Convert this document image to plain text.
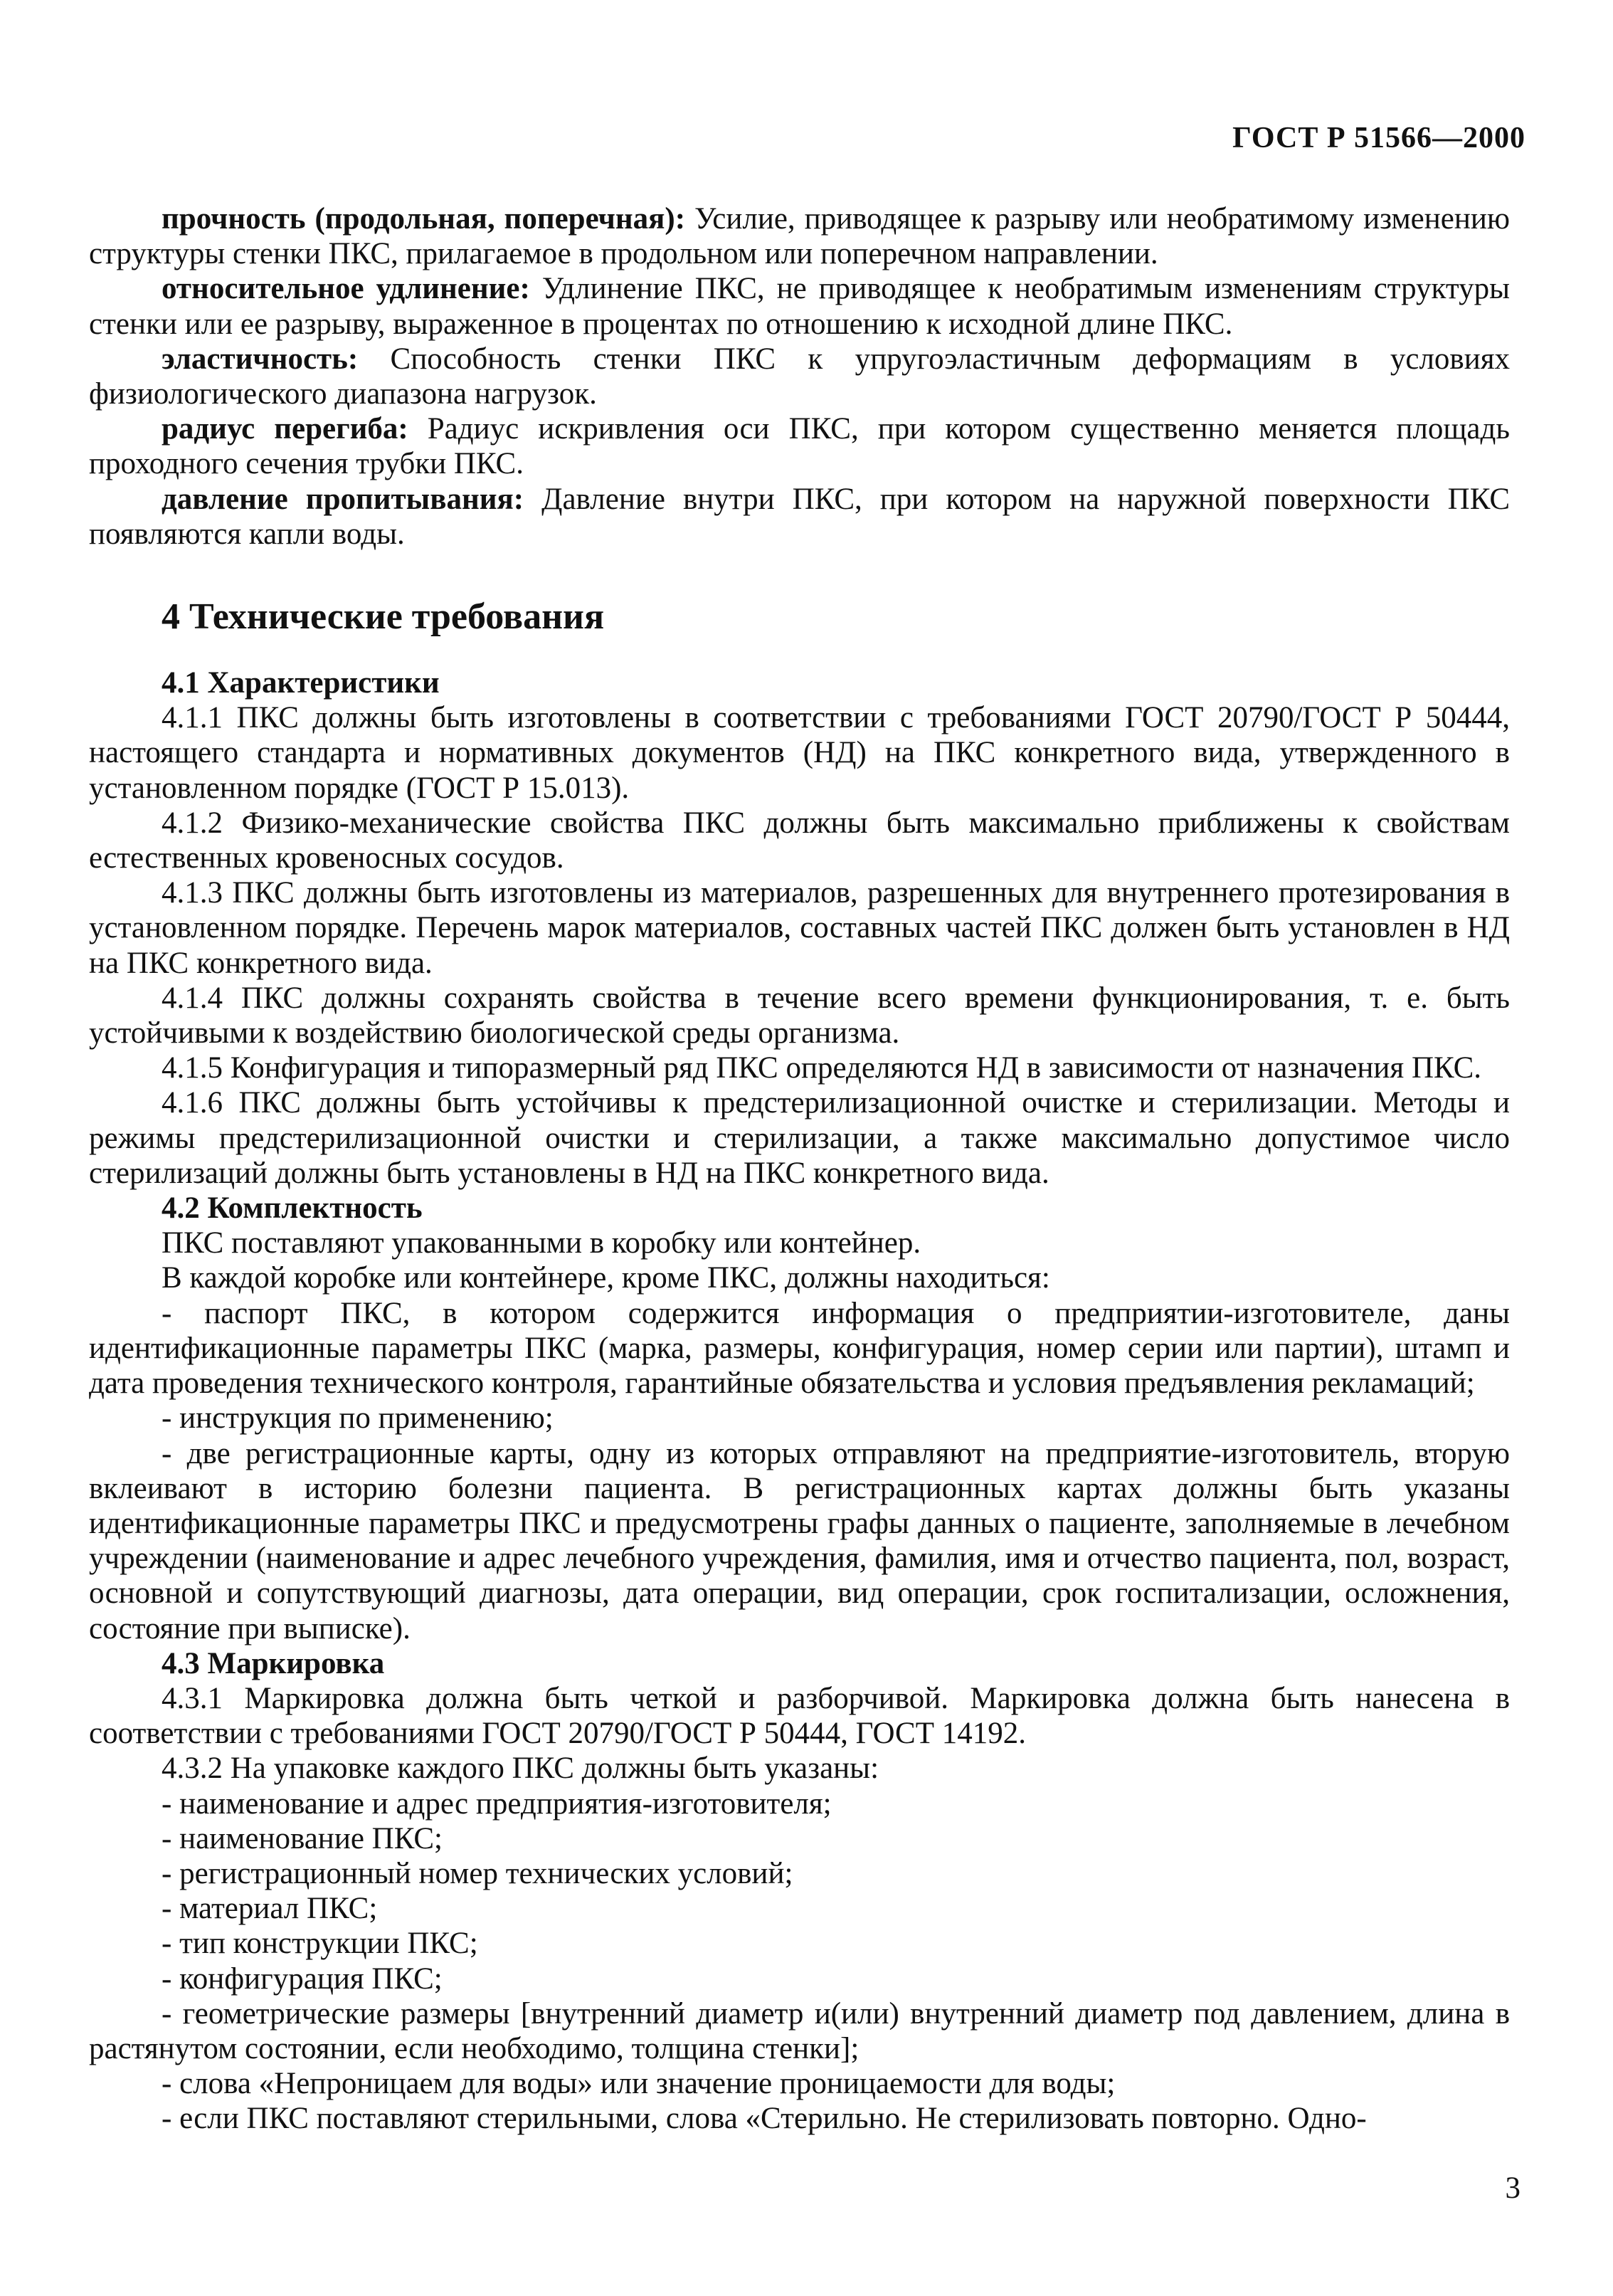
ГОСТ Р 51566—2000

прочность (продольная, поперечная): Усилие, приводящее к разрыву или необратимому изменению структуры стенки ПКС, прилагаемое в продольном или поперечном направлении.

относительное удлинение: Удлинение ПКС, не приводящее к необратимым изменениям структуры стенки или ее разрыву, выраженное в процентах по отношению к исходной длине ПКС.

эластичность: Способность стенки ПКС к упругоэластичным деформациям в условиях физиологического диапазона нагрузок.

радиус перегиба: Радиус искривления оси ПКС, при котором существенно меняется площадь проходного сечения трубки ПКС.

давление пропитывания: Давление внутри ПКС, при котором на наружной поверхности ПКС появляются капли воды.

4 Технические требования

4.1 Характеристики

4.1.1 ПКС должны быть изготовлены в соответствии с требованиями ГОСТ 20790/ГОСТ Р 50444, настоящего стандарта и нормативных документов (НД) на ПКС конкретного вида, утвержденного в установленном порядке (ГОСТ Р 15.013).

4.1.2 Физико-механические свойства ПКС должны быть максимально приближены к свойствам естественных кровеносных сосудов.

4.1.3 ПКС должны быть изготовлены из материалов, разрешенных для внутреннего протезирования в установленном порядке. Перечень марок материалов, составных частей ПКС должен быть установлен в НД на ПКС конкретного вида.

4.1.4 ПКС должны сохранять свойства в течение всего времени функционирования, т. е. быть устойчивыми к воздействию биологической среды организма.

4.1.5 Конфигурация и типоразмерный ряд ПКС определяются НД в зависимости от назначения ПКС.

4.1.6 ПКС должны быть устойчивы к предстерилизационной очистке и стерилизации. Методы и режимы предстерилизационной очистки и стерилизации, а также максимально допустимое число стерилизаций должны быть установлены в НД на ПКС конкретного вида.

4.2 Комплектность

ПКС поставляют упакованными в коробку или контейнер.

В каждой коробке или контейнере, кроме ПКС, должны находиться:

- паспорт ПКС, в котором содержится информация о предприятии-изготовителе, даны идентификационные параметры ПКС (марка, размеры, конфигурация, номер серии или партии), штамп и дата проведения технического контроля, гарантийные обязательства и условия предъявления рекламаций;

- инструкция по применению;

- две регистрационные карты, одну из которых отправляют на предприятие-изготовитель, вторую вклеивают в историю болезни пациента. В регистрационных картах должны быть указаны идентификационные параметры ПКС и предусмотрены графы данных о пациенте, заполняемые в лечебном учреждении (наименование и адрес лечебного учреждения, фамилия, имя и отчество пациента, пол, возраст, основной и сопутствующий диагнозы, дата операции, вид операции, срок госпитализации, осложнения, состояние при выписке).

4.3 Маркировка

4.3.1 Маркировка должна быть четкой и разборчивой. Маркировка должна быть нанесена в соответствии с требованиями ГОСТ 20790/ГОСТ Р 50444, ГОСТ 14192.

4.3.2 На упаковке каждого ПКС должны быть указаны:

- наименование и адрес предприятия-изготовителя;

- наименование ПКС;

- регистрационный номер технических условий;

- материал ПКС;

- тип конструкции ПКС;

- конфигурация ПКС;

- геометрические размеры [внутренний диаметр и(или) внутренний диаметр под давлением, длина в растянутом состоянии, если необходимо, толщина стенки];

- слова «Непроницаем для воды» или значение проницаемости для воды;

- если ПКС поставляют стерильными, слова «Стерильно. Не стерилизовать повторно. Одно-

3
